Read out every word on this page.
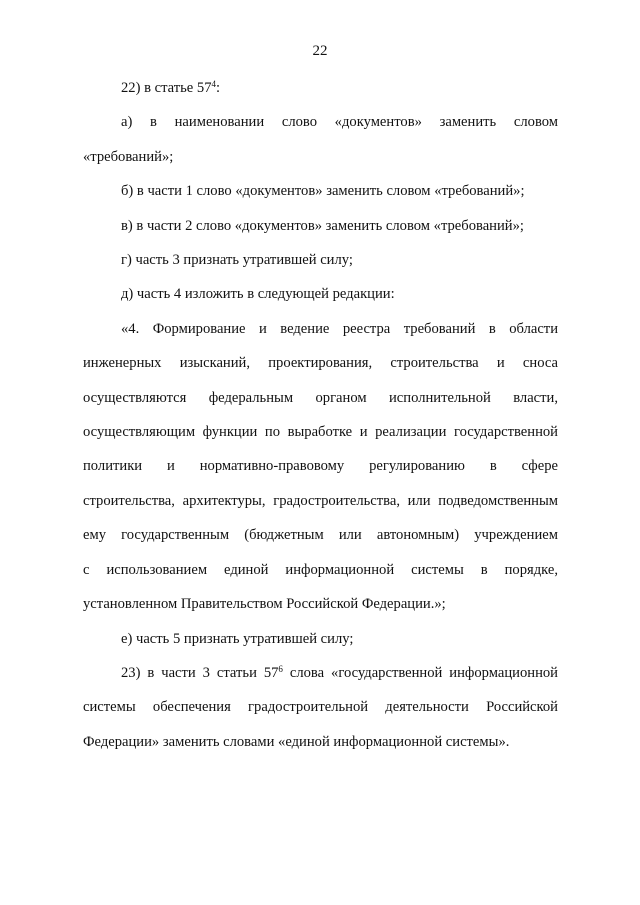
22
22) в статье $57^4$:
а) в наименовании слово «документов» заменить словом
«требований»;
б) в части 1 слово «документов» заменить словом «требований»;
в) в части 2 слово «документов» заменить словом «требований»;
г) часть 3 признать утратившей силу;
д) часть 4 изложить в следующей редакции:
«4. Формирование и ведение реестра требований в области
инженерных изысканий, проектирования, строительства и сноса
осуществляются федеральным органом исполнительной власти,
осуществляющим функции по выработке и реализации государственной
политики и нормативно-правовому регулированию в сфере
строительства, архитектуры, градостроительства, или подведомственным
ему государственным (бюджетным или автономным) учреждением
с использованием единой информационной системы в порядке,
установленном Правительством Российской Федерации.»;
е) часть 5 признать утратившей силу;
23) в части 3 статьи $57^6$ слова «государственной информационной
системы обеспечения градостроительной деятельности Российской
Федерации» заменить словами «единой информационной системы».
